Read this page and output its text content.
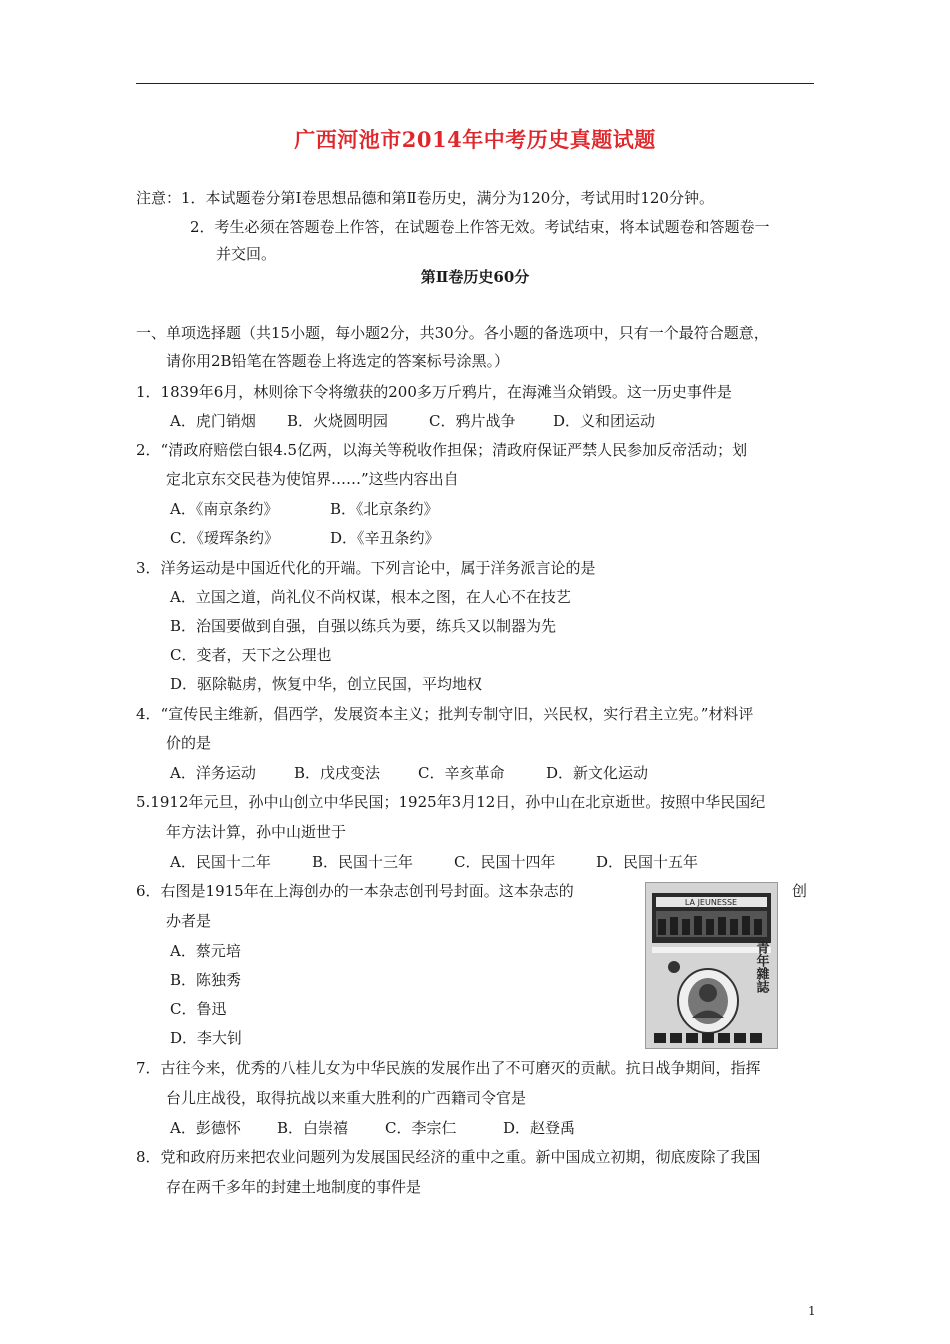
广西河池市2014年中考历史真题试题
注意：1．本试题卷分第Ⅰ卷思想品德和第Ⅱ卷历史，满分为120分，考试用时120分钟。
2．考生必须在答题卷上作答，在试题卷上作答无效。考试结束，将本试题卷和答题卷一
并交回。
第Ⅱ卷历史60分
一、单项选择题（共15小题，每小题2分，共30分。各小题的备选项中，只有一个最符合题意，
请你用2B铅笔在答题卷上将选定的答案标号涂黑。）
1．1839年6月，林则徐下令将缴获的200多万斤鸦片，在海滩当众销毁。这一历史事件是
A．虎门销烟 B．火烧圆明园	C．鸦片战争	D．义和团运动
2．“清政府赔偿白银4.5亿两，以海关等税收作担保；清政府保证严禁人民参加反帝活动；划
定北京东交民巷为使馆界……”这些内容出自
A．《南京条约》	B．《北京条约》
C．《瑷珲条约》	D．《辛丑条约》
3．洋务运动是中国近代化的开端。下列言论中，属于洋务派言论的是
A．立国之道，尚礼仪不尚权谋，根本之图，在人心不在技艺
B．治国要做到自强，自强以练兵为要，练兵又以制器为先
C．变者，天下之公理也
D．驱除鞑虏，恢复中华，创立民国，平均地权
4．“宣传民主维新，倡西学，发展资本主义；批判专制守旧，兴民权，实行君主立宪。”材料评
价的是
A．洋务运动	B．戊戌变法	C．辛亥革命	D．新文化运动
5.1912年元旦，孙中山创立中华民国；1925年3月12日，孙中山在北京逝世。按照中华民国纪
年方法计算，孙中山逝世于
A．民国十二年	B．民国十三年	C．民国十四年	D．民国十五年
6．右图是1915年在上海创办的一本杂志创刊号封面。这本杂志的	创
办者是
A．蔡元培
B．陈独秀
C．鲁迅
D．李大钊
LA JEUNESSE
青年雜誌
7．古往今来，优秀的八桂儿女为中华民族的发展作出了不可磨灭的贡献。抗日战争期间，指挥
台儿庄战役，取得抗战以来重大胜利的广西籍司令官是
A．彭德怀 B．白崇禧 C．李宗仁	D．赵登禹
8．党和政府历来把农业问题列为发展国民经济的重中之重。新中国成立初期，彻底废除了我国
存在两千多年的封建土地制度的事件是
1
